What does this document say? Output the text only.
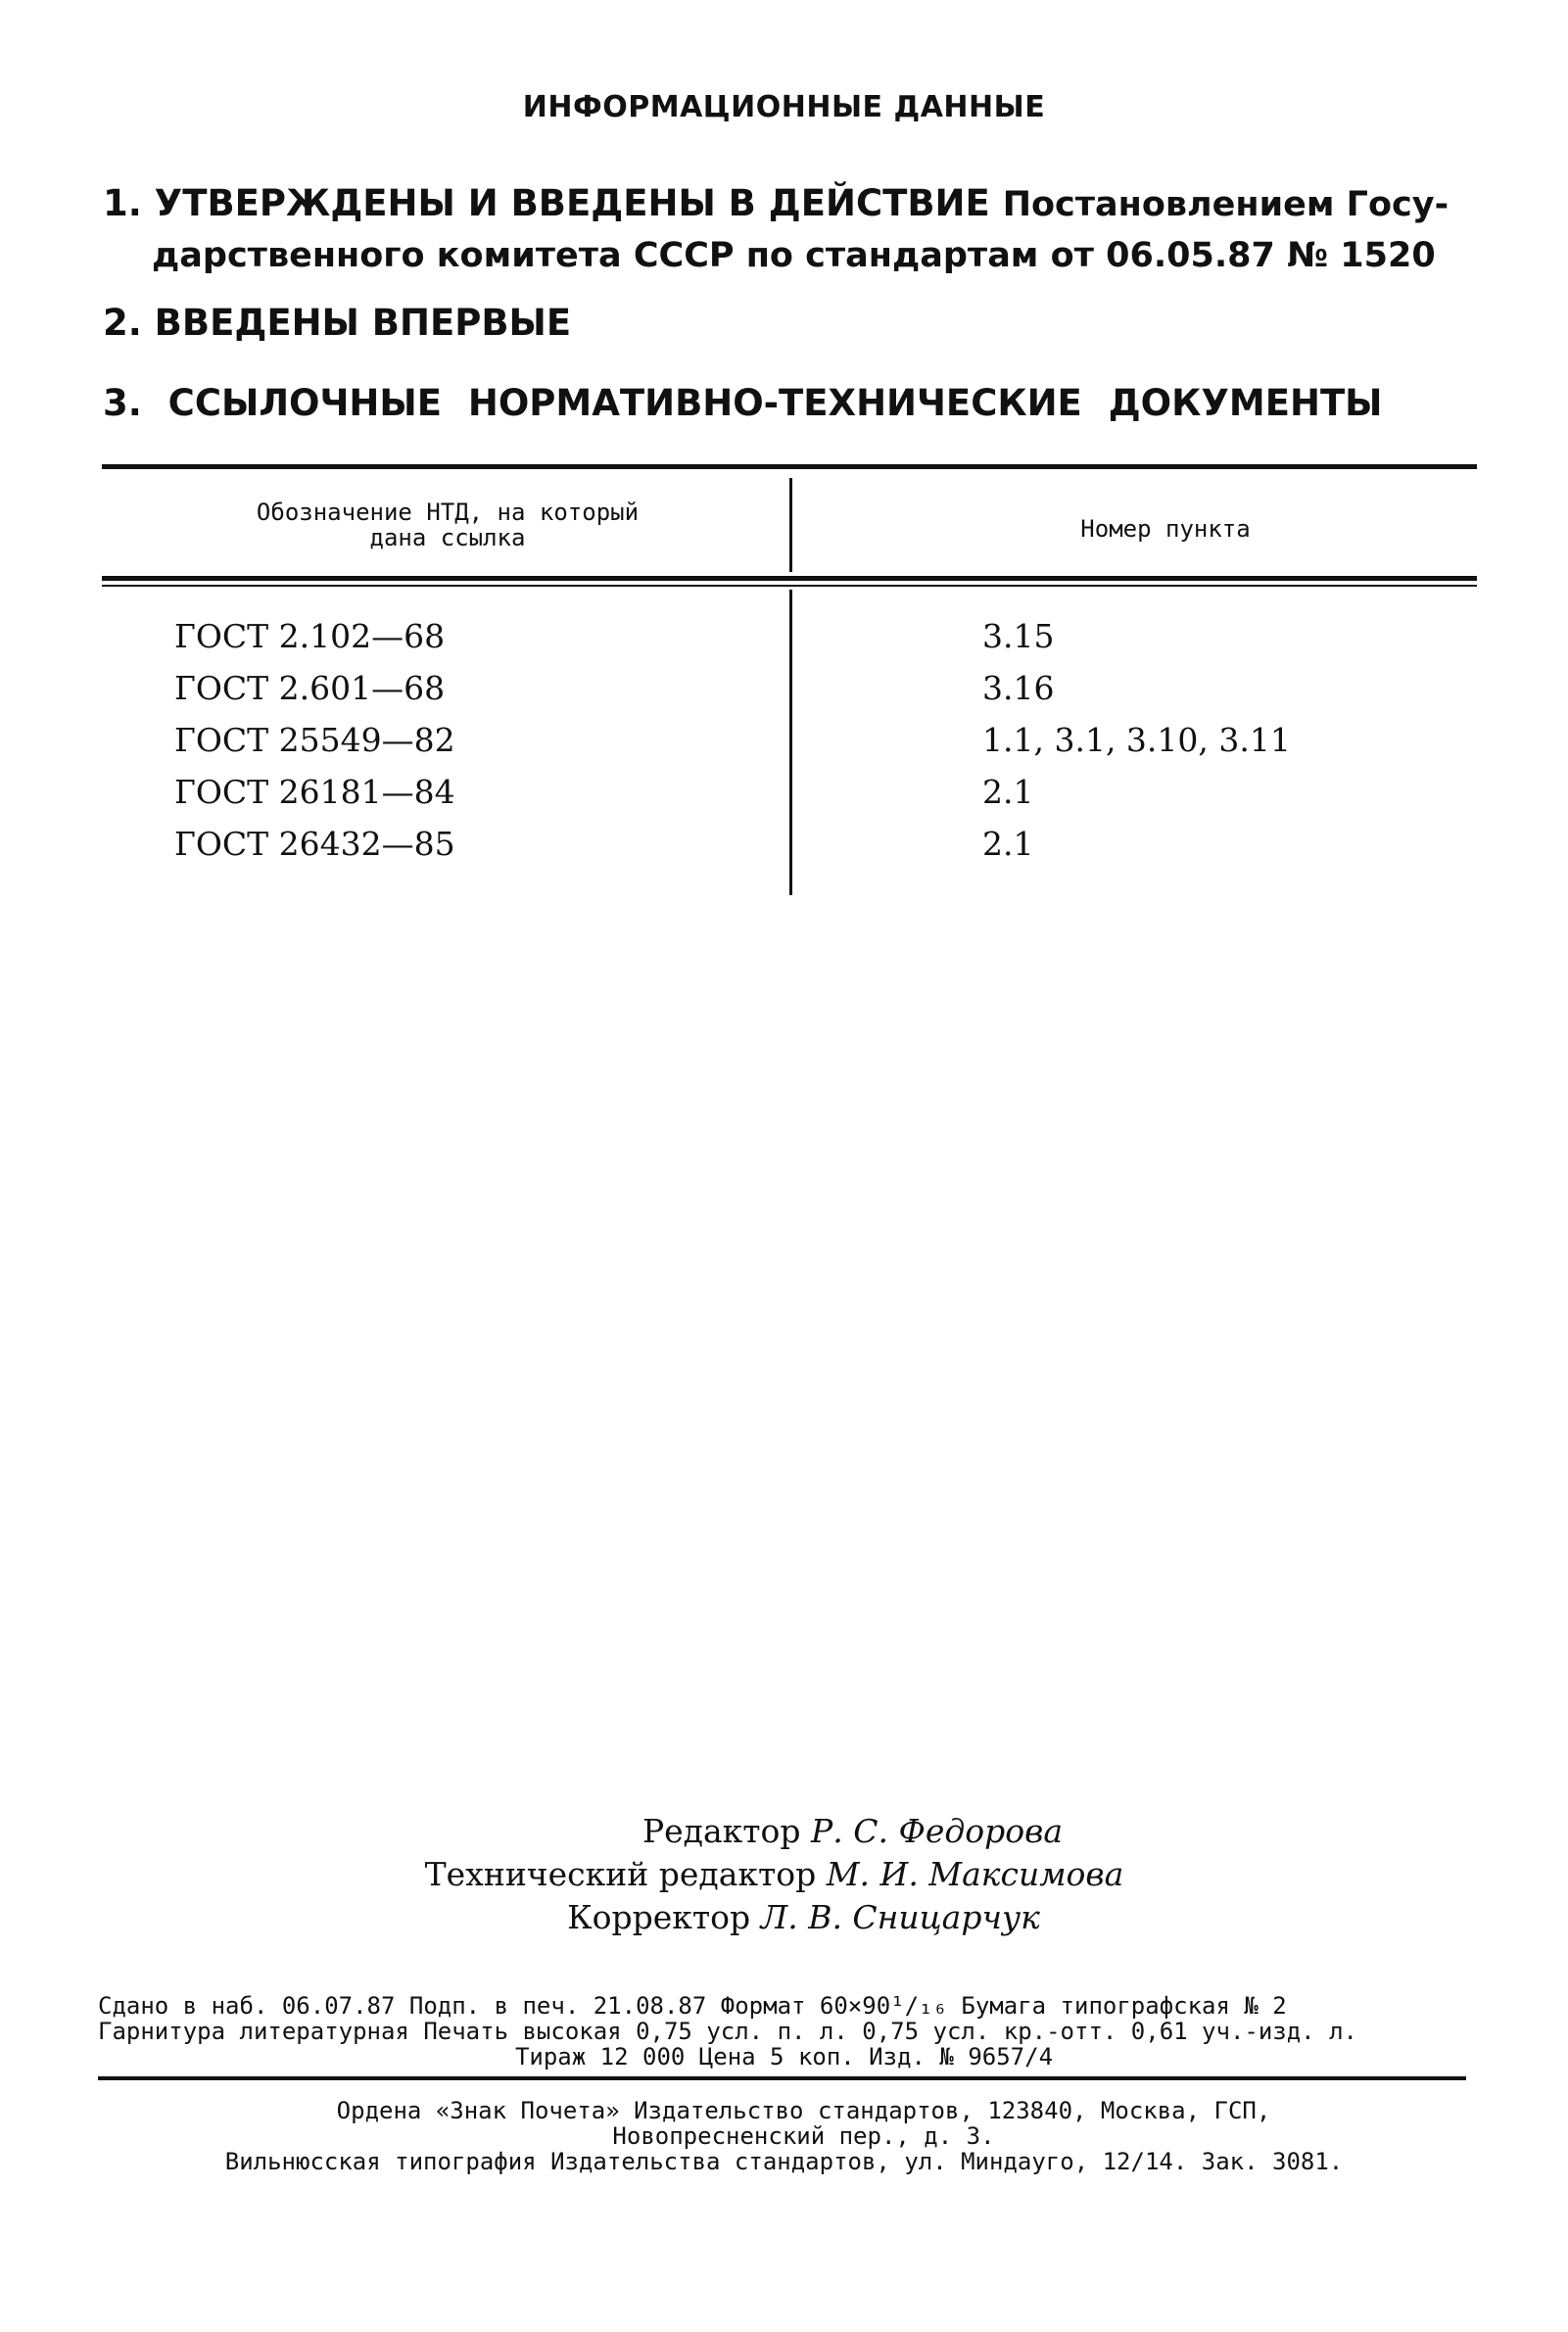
ИНФОРМАЦИОННЫЕ ДАННЫЕ
1. УТВЕРЖДЕНЫ И ВВЕДЕНЫ В ДЕЙСТВИЕ Постановлением Госу-
дарственного комитета СССР по стандартам от 06.05.87 № 1520
2. ВВЕДЕНЫ ВПЕРВЫЕ
3. ССЫЛОЧНЫЕ НОРМАТИВНО-ТЕХНИЧЕСКИЕ ДОКУМЕНТЫ
Обозначение НТД, на который
дана ссылка	Номер пункта
ГОСТ 2.102—68	3.15
ГОСТ 2.601—68	3.16
ГОСТ 25549—82	1.1, 3.1, 3.10, 3.11
ГОСТ 26181—84	2.1
ГОСТ 26432—85	2.1
Редактор Р. С. Федорова
Технический редактор М. И. Максимова
Корректор Л. В. Сницарчук
Сдано в наб. 06.07.87 Подп. в печ. 21.08.87 Формат 60×90¹/₁₆ Бумага типографская № 2
Гарнитура литературная Печать высокая 0,75 усл. п. л. 0,75 усл. кр.-отт. 0,61 уч.-изд. л.
Тираж 12 000 Цена 5 коп. Изд. № 9657/4
Ордена «Знак Почета» Издательство стандартов, 123840, Москва, ГСП,
Новопресненский пер., д. 3.
Вильнюсская типография Издательства стандартов, ул. Миндауго, 12/14. Зак. 3081.
